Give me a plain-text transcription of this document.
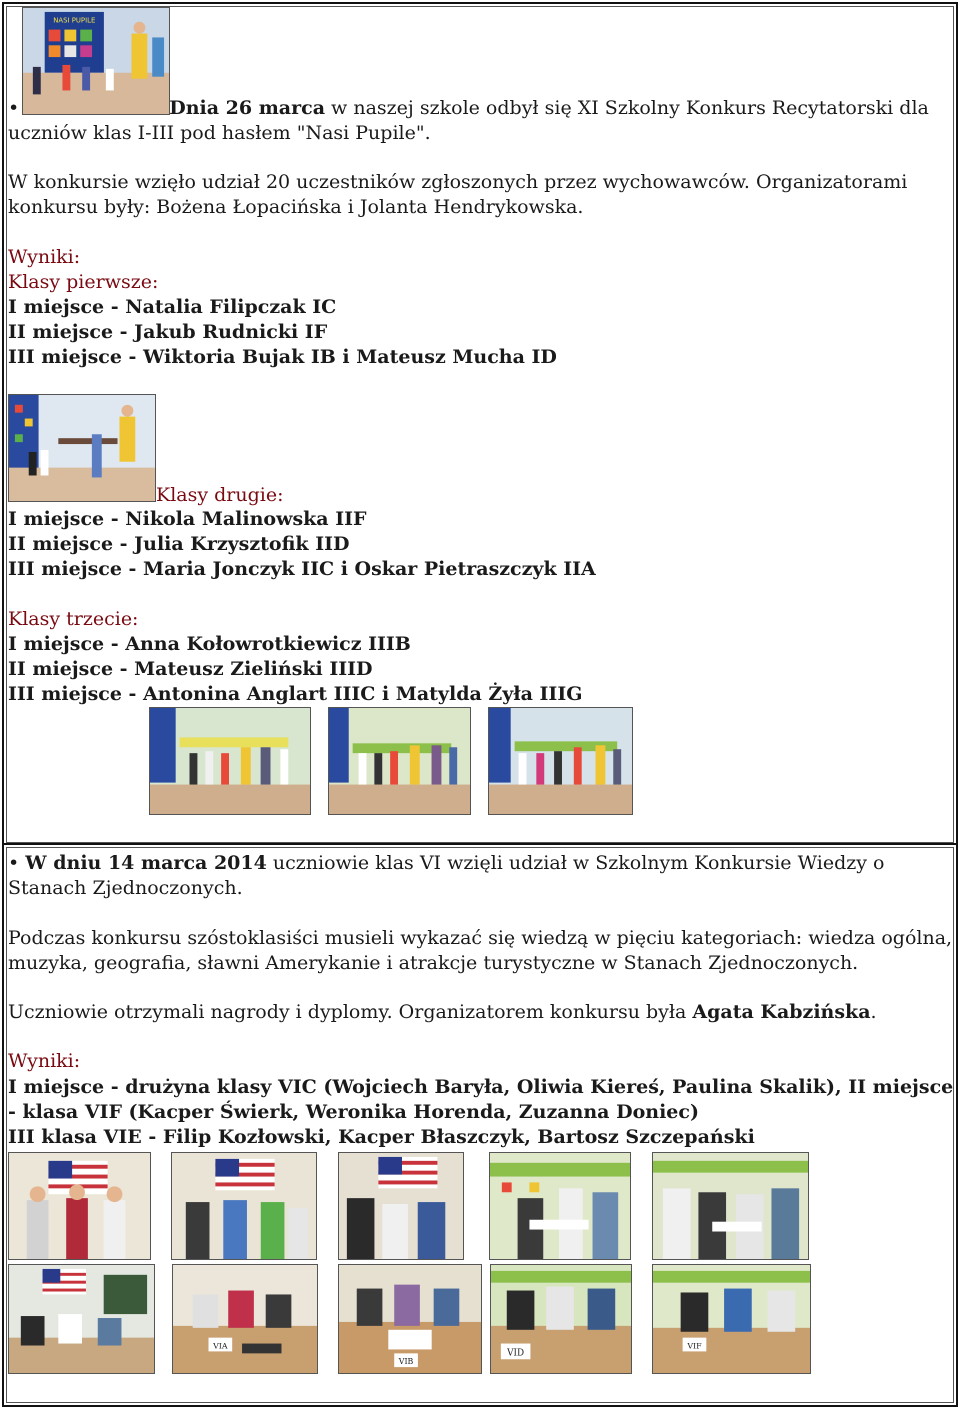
NASI PUPILE
•	Dnia 26 marca w naszej szkole odbył się XI Szkolny Konkurs Recytatorski dla
uczniów klas I-III pod hasłem "Nasi Pupile".
W konkursie wzięło udział 20 uczestników zgłoszonych przez wychowawców. Organizatorami
konkursu były: Bożena Łopacińska i Jolanta Hendrykowska.
Wyniki:
Klasy pierwsze:
I miejsce - Natalia Filipczak IC
II miejsce - Jakub Rudnicki IF
III miejsce - Wiktoria Bujak IB i Mateusz Mucha ID
Klasy drugie:
I miejsce - Nikola Malinowska IIF
II miejsce - Julia Krzysztofik IID
III miejsce - Maria Jonczyk IIC i Oskar Pietraszczyk IIA
Klasy trzecie:
I miejsce - Anna Kołowrotkiewicz IIIB
II miejsce - Mateusz Zieliński IIID
III miejsce - Antonina Anglart IIIC i Matylda Żyła IIIG
• W dniu 14 marca 2014 uczniowie klas VI wzięli udział w Szkolnym Konkursie Wiedzy o
Stanach Zjednoczonych.
Podczas konkursu szóstoklasiści musieli wykazać się wiedzą w pięciu kategoriach: wiedza ogólna,
muzyka, geografia, sławni Amerykanie i atrakcje turystyczne w Stanach Zjednoczonych.
Uczniowie otrzymali nagrody i dyplomy. Organizatorem konkursu była Agata Kabzińska.
Wyniki:
I miejsce - drużyna klasy VIC (Wojciech Baryła, Oliwia Kiereś, Paulina Skalik), II miejsce
- klasa VIF (Kacper Świerk, Weronika Horenda, Zuzanna Doniec)
III klasa VIE - Filip Kozłowski, Kacper Błaszczyk, Bartosz Szczepański
VIA
VIB
VID
VIF
